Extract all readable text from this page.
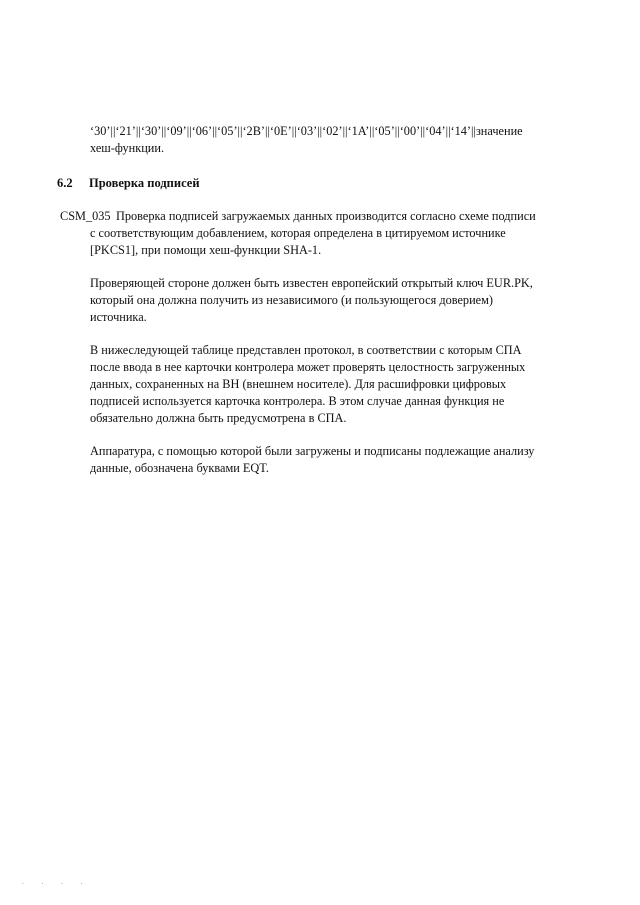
‘30’||‘21’||‘30’||‘09’||‘06’||‘05’||‘2B’||‘0E’||‘03’||‘02’||‘1A’||‘05’||‘00’||‘04’||‘14’||значение

хеш-функции.

6.2 Проверка подписей
CSM_035 Проверка подписей загружаемых данных производится согласно схеме подписи с соответствующим добавлением, которая определена в цитируемом источнике [PKCS1], при помощи хеш-функции SHA-1.

Проверяющей стороне должен быть известен европейский открытый ключ EUR.PK, который она должна получить из независимого (и пользующегося доверием) источника.

В нижеследующей таблице представлен протокол, в соответствии с которым СПА после ввода в нее карточки контролера может проверять целостность загруженных данных, сохраненных на ВН (внешнем носителе). Для расшифровки цифровых подписей используется карточка контролера. В этом случае данная функция не обязательно должна быть предусмотрена в СПА.

Аппаратура, с помощью которой были загружены и подписаны подлежащие анализу данные, обозначена буквами EQT.

. . . .
